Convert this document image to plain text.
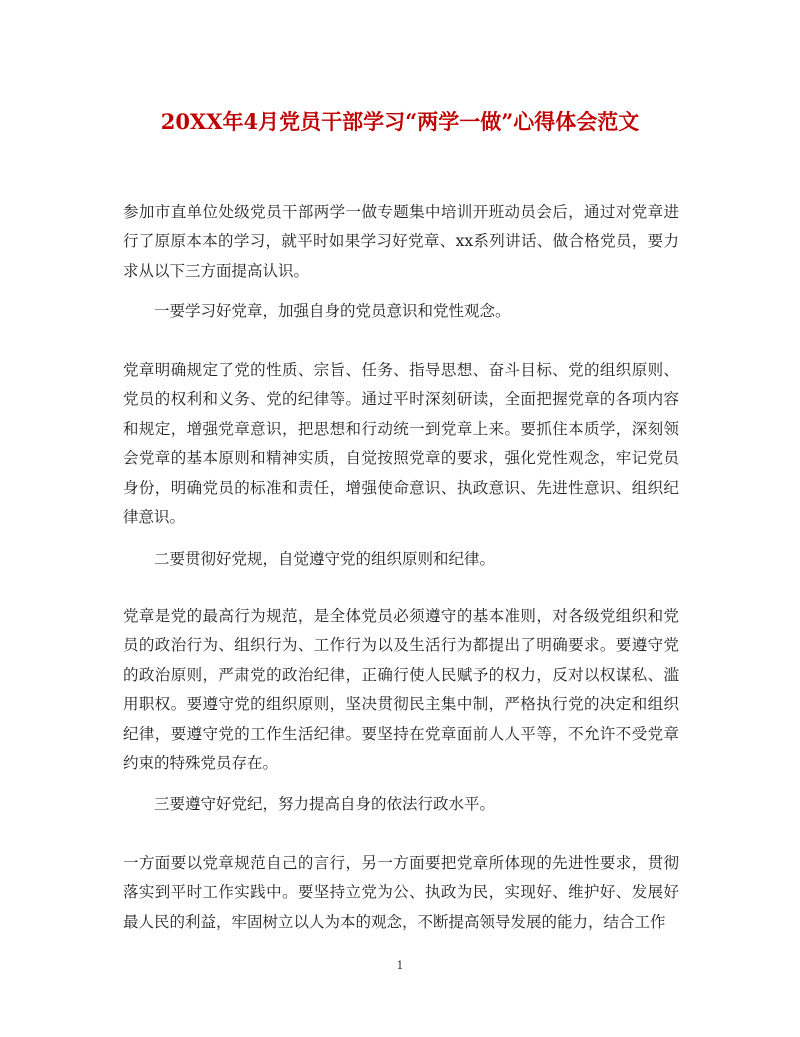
20XX年4月党员干部学习“两学一做”心得体会范文

参加市直单位处级党员干部两学一做专题集中培训开班动员会后，通过对党章进行了原原本本的学习，就平时如果学习好党章、xx系列讲话、做合格党员，要力求从以下三方面提高认识。

一要学习好党章，加强自身的党员意识和党性观念。

党章明确规定了党的性质、宗旨、任务、指导思想、奋斗目标、党的组织原则、党员的权利和义务、党的纪律等。通过平时深刻研读，全面把握党章的各项内容和规定，增强党章意识，把思想和行动统一到党章上来。要抓住本质学，深刻领会党章的基本原则和精神实质，自觉按照党章的要求，强化党性观念，牢记党员身份，明确党员的标准和责任，增强使命意识、执政意识、先进性意识、组织纪律意识。

二要贯彻好党规，自觉遵守党的组织原则和纪律。

党章是党的最高行为规范，是全体党员必须遵守的基本准则，对各级党组织和党员的政治行为、组织行为、工作行为以及生活行为都提出了明确要求。要遵守党的政治原则，严肃党的政治纪律，正确行使人民赋予的权力，反对以权谋私、滥用职权。要遵守党的组织原则，坚决贯彻民主集中制，严格执行党的决定和组织纪律，要遵守党的工作生活纪律。要坚持在党章面前人人平等，不允许不受党章约束的特殊党员存在。

三要遵守好党纪，努力提高自身的依法行政水平。

一方面要以党章规范自己的言行，另一方面要把党章所体现的先进性要求，贯彻落实到平时工作实践中。要坚持立党为公、执政为民，实现好、维护好、发展好最人民的利益，牢固树立以人为本的观念，不断提高领导发展的能力，结合工作

1
